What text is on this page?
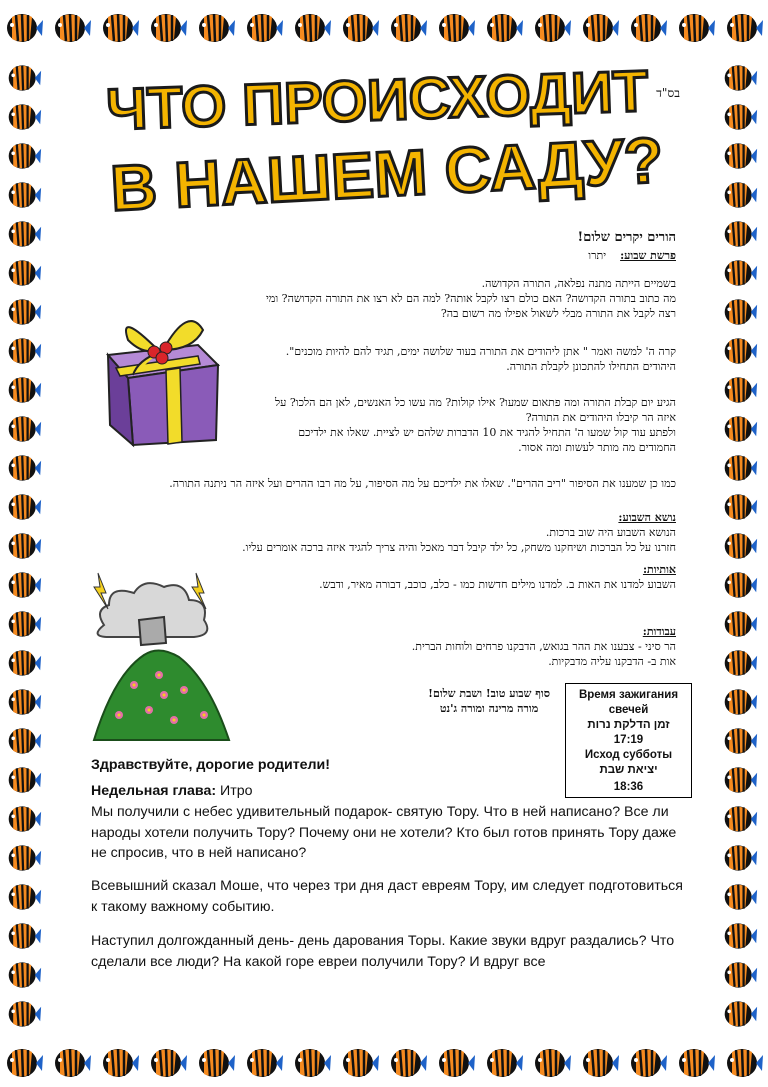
ЧТО ПРОИСХОДИТ
В НАШЕМ САДУ?
בס"ד
הורים יקרים שלום!
פרשת שבוע:    יתרו
בשמיים הייתה מתנה נפלאה, התורה הקדושה.
מה כתוב בתורה הקדושה? האם כולם רצו לקבל אותה? למה הם לא רצו את התורה הקדושה? ומי
רצה לקבל את התורה מבלי לשאול אפילו מה רשום בה?
קרה ה' למשה ואמר " אתן ליהודים את התורה בעוד שלושה ימים, תגיד להם להיות מוכנים".
היהודים התחילו להתכונן לקבלת התורה.
הגיע יום קבלת התורה ומה פתאום שמעו? אילו קולות? מה עשו כל האנשים, לאן הם הלכו? על
איזה הר קיבלו היהודים את התורה?
ולפתע עוד קול שמעו ה' התחיל להגיד את 10 הדברות שלהם יש לציית. שאלו את ילדיכם
החמודים מה מותר לעשות ומה אסור.
כמו כן שמענו את הסיפור "ריב ההרים". שאלו את ילדיכם על מה הסיפור, על מה רבו ההרים ועל איזה הר ניתנה התורה.
נושא השבוע:
הנושא השבוע היה שוב ברכות.
חזרנו על כל הברכות ושיחקנו משחק, כל ילד קיבל דבר מאכל והיה צריך להגיד איזה ברכה אומרים עליו.
אותיות:
השבוע למדנו את האות ב. למדנו מילים חדשות כמו - כלב, כוכב, דבורה מאיר, ודבש.
עבודות:
הר סיני - צבענו את ההר בגואש, הדבקנו פרחים ולוחות הברית.
אות ב- הדבקנו עליה מדבקיות.
סוף שבוע טוב! ושבת שלום!
מורה מרינה ומורה ג'נט
Время зажигания
свечей
זמן הדלקת נרות
17:19
Исход субботы
יציאת שבת
18:36
Здравствуйте, дорогие родители!
Недельная глава: Итро
Мы получили с небес удивительный подарок- святую Тору. Что в ней написано? Все ли народы хотели получить Тору? Почему они не хотели? Кто был готов принять Тору даже не спросив, что в ней написано?
Всевышний сказал Моше, что через три дня даст евреям Тору, им следует подготовиться к такому важному событию.
Наступил долгожданный день- день дарования Торы. Какие звуки вдруг раздались? Что сделали все люди? На какой горе евреи получили Тору? И вдруг все
